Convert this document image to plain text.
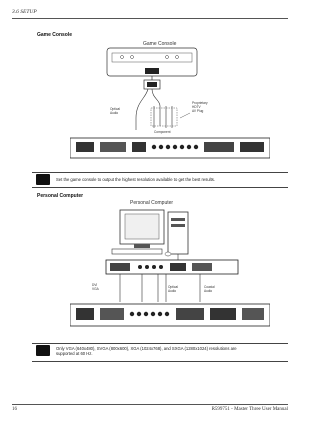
3.6 SETUP
Game Console
Game Console
Optical Audio
Proprietary HDTV AV Plug
Component
Set the game console to output the highest resolution available to get the best results.
Personal Computer
Personal Computer
DVI VGA	Optical Audio
Coaxial Audio
Only VGA (640x480), SVGA (800x600), XGA (1024x768), and SXGA (1280x1024) resolutions are
supported at 60 Hz.
16	R599751 - Master Three User Manual
